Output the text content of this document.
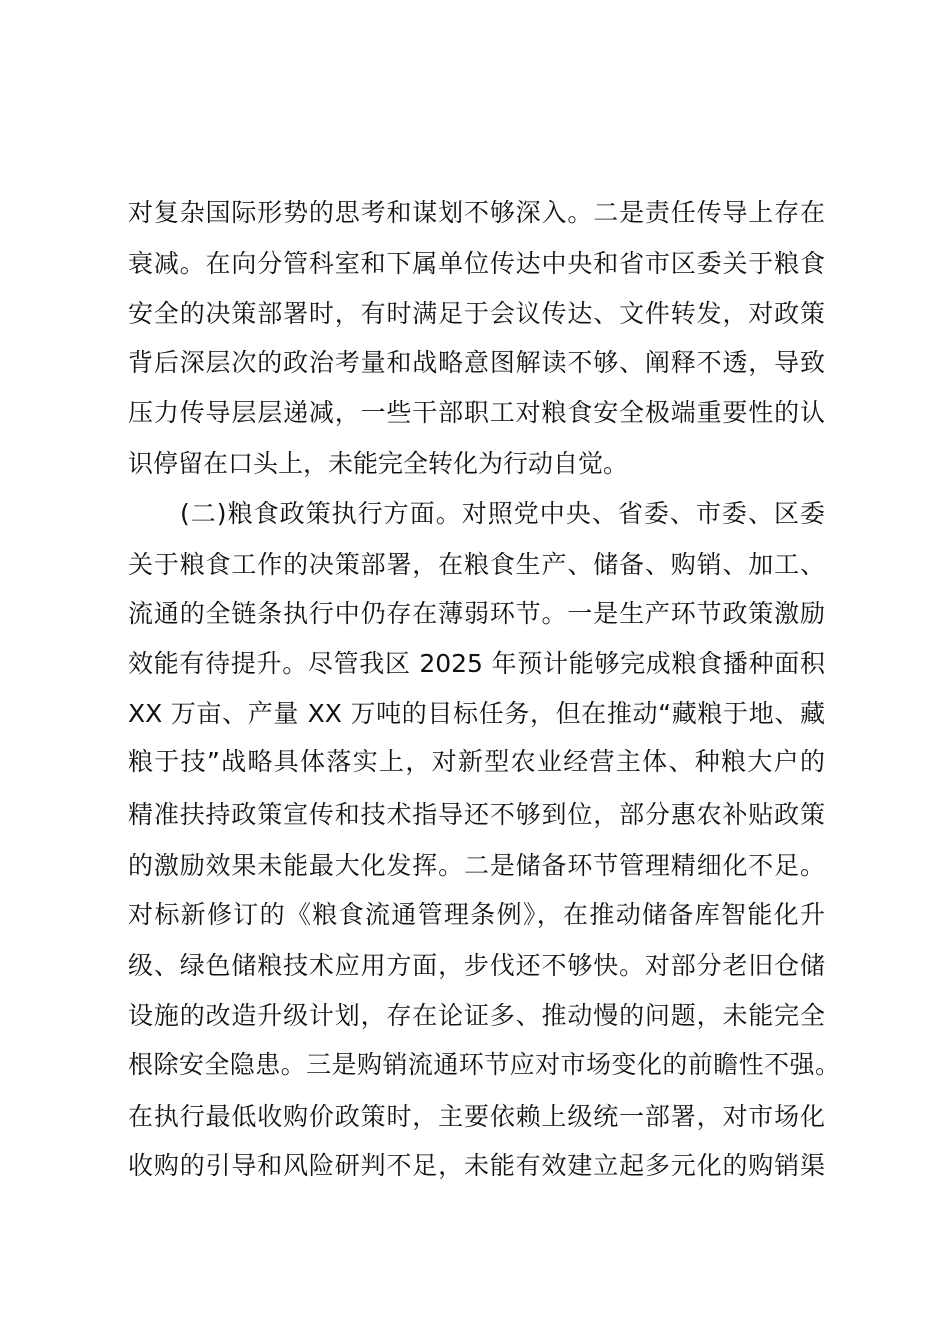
对复杂国际形势的思考和谋划不够深入。二是责任传导上存在
衰减。在向分管科室和下属单位传达中央和省市区委关于粮食
安全的决策部署时，有时满足于会议传达、文件转发，对政策
背后深层次的政治考量和战略意图解读不够、阐释不透，导致
压力传导层层递减，一些干部职工对粮食安全极端重要性的认
识停留在口头上，未能完全转化为行动自觉。
(二)粮食政策执行方面。对照党中央、省委、市委、区委
关于粮食工作的决策部署，在粮食生产、储备、购销、加工、
流通的全链条执行中仍存在薄弱环节。一是生产环节政策激励
效能有待提升。尽管我区 2025 年预计能够完成粮食播种面积
XX 万亩、产量 XX 万吨的目标任务，但在推动“藏粮于地、藏
粮于技”战略具体落实上，对新型农业经营主体、种粮大户的
精准扶持政策宣传和技术指导还不够到位，部分惠农补贴政策
的激励效果未能最大化发挥。二是储备环节管理精细化不足。
对标新修订的《粮食流通管理条例》，在推动储备库智能化升
级、绿色储粮技术应用方面，步伐还不够快。对部分老旧仓储
设施的改造升级计划，存在论证多、推动慢的问题，未能完全
根除安全隐患。三是购销流通环节应对市场变化的前瞻性不强。
在执行最低收购价政策时，主要依赖上级统一部署，对市场化
收购的引导和风险研判不足，未能有效建立起多元化的购销渠
